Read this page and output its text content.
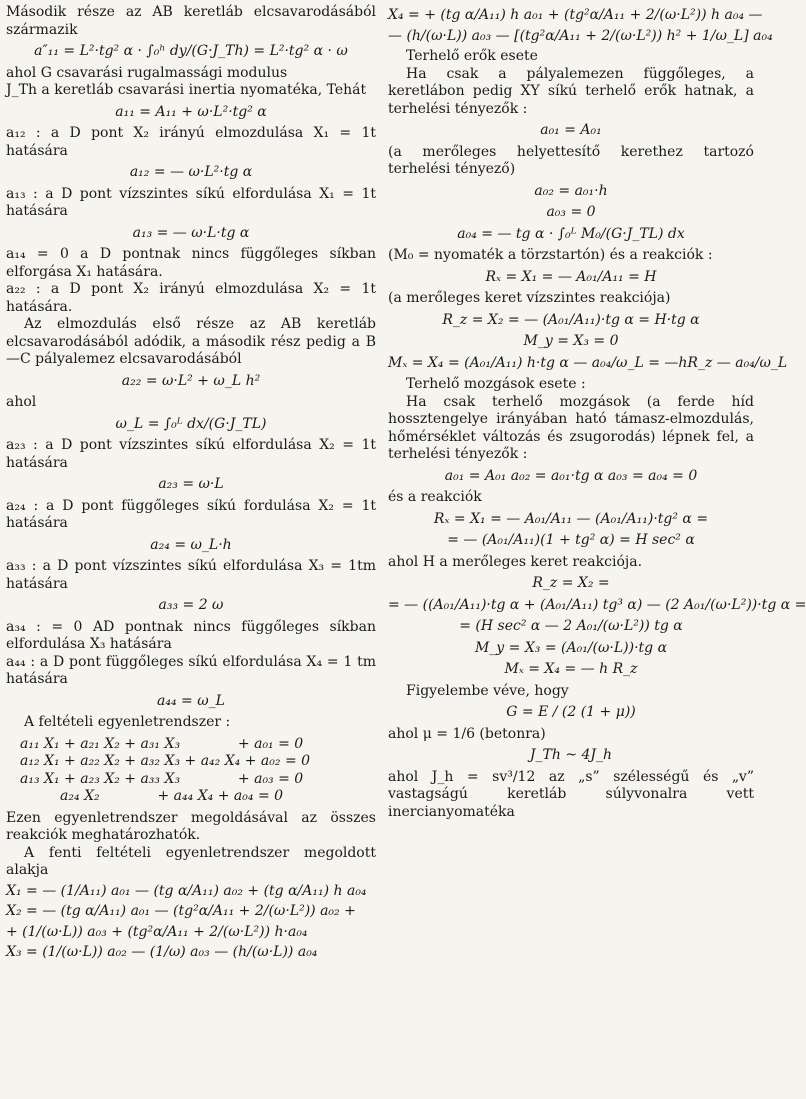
Második része az AB keretláb elcsavarodásából származik
a″₁₁ = L²·tg² α · ∫₀ʰ dy/(G·J_Th) = L²·tg² α · ω
ahol G csavarási rugalmassági modulus
J_Th a keretláb csavarási inertia nyomatéka, Tehát
a₁₁ = A₁₁ + ω·L²·tg² α
a₁₂ : a D pont X₂ irányú elmozdulása X₁ = 1t hatására
a₁₂ = — ω·L²·tg α
a₁₃ : a D pont vízszintes síkú elfordulása X₁ = 1t hatására
a₁₃ = — ω·L·tg α
a₁₄ = 0 a D pontnak nincs függőleges síkban elforgása X₁ hatására.
a₂₂ : a D pont X₂ irányú elmozdulása X₂ = 1t hatására.
Az elmozdulás első része az AB keretláb elcsavarodásából adódik, a második rész pedig a B—C pályalemez elcsavarodásából
a₂₂ = ω·L² + ω_L h²
ahol
ω_L = ∫₀ᴸ dx/(G·J_TL)
a₂₃ : a D pont vízszintes síkú elfordulása X₂ = 1t hatására
a₂₃ = ω·L
a₂₄ : a D pont függőleges síkú fordulása X₂ = 1t hatására
a₂₄ = ω_L·h
a₃₃ : a D pont vízszintes síkú elfordulása X₃ = 1tm hatására
a₃₃ = 2 ω
a₃₄ : = 0 AD pontnak nincs függőleges síkban elfordulása X₃ hatására
a₄₄ : a D pont függőleges síkú elfordulása X₄ = 1 tm hatására
a₄₄ = ω_L
A feltételi egyenletrendszer :
a₁₁ X₁ + a₂₁ X₂ + a₃₁ X₃             + a₀₁ = 0
a₁₂ X₁ + a₂₂ X₂ + a₃₂ X₃ + a₄₂ X₄ + a₀₂ = 0
a₁₃ X₁ + a₂₃ X₂ + a₃₃ X₃             + a₀₃ = 0
a₂₄ X₂             + a₄₄ X₄ + a₀₄ = 0
Ezen egyenletrendszer megoldásával az összes reakciók meghatározhatók.
A fenti feltételi egyenletrendszer megoldott alakja
X₁ = — (1/A₁₁) a₀₁ — (tg α/A₁₁) a₀₂ + (tg α/A₁₁) h a₀₄
X₂ = — (tg α/A₁₁) a₀₁ — (tg²α/A₁₁ + 2/(ω·L²)) a₀₂ +
+ (1/(ω·L)) a₀₃ + (tg²α/A₁₁ + 2/(ω·L²)) h·a₀₄
X₃ = (1/(ω·L)) a₀₂ — (1/ω) a₀₃ — (h/(ω·L)) a₀₄
X₄ = + (tg α/A₁₁) h a₀₁ + (tg²α/A₁₁ + 2/(ω·L²)) h a₀₄ —
— (h/(ω·L)) a₀₃ — [(tg²α/A₁₁ + 2/(ω·L²)) h² + 1/ω_L] a₀₄
Terhelő erők esete
Ha csak a pályalemezen függőleges, a keretlábon pedig XY síkú terhelő erők hatnak, a terhelési tényezők :
a₀₁ = A₀₁
(a merőleges helyettesítő kerethez tartozó terhelési tényező)
a₀₂ = a₀₁·h
a₀₃ = 0
a₀₄ = — tg α · ∫₀ᴸ M₀/(G·J_TL) dx
(M₀ = nyomaték a törzstartón) és a reakciók :
Rₓ = X₁ = — A₀₁/A₁₁ = H
(a merőleges keret vízszintes reakciója)
R_z = X₂ = — (A₀₁/A₁₁)·tg α = H·tg α
M_y = X₃ = 0
Mₓ = X₄ = (A₀₁/A₁₁) h·tg α — a₀₄/ω_L = —hR_z — a₀₄/ω_L
Terhelő mozgások esete :
Ha csak terhelő mozgások (a ferde híd hossztengelye irányában ható támasz-elmozdulás, hőmérséklet változás és zsugorodás) lépnek fel, a terhelési tényezők :
a₀₁ = A₀₁ a₀₂ = a₀₁·tg α a₀₃ = a₀₄ = 0
és a reakciók
Rₓ = X₁ = — A₀₁/A₁₁ — (A₀₁/A₁₁)·tg² α =
= — (A₀₁/A₁₁)(1 + tg² α) = H sec² α
ahol H a merőleges keret reakciója.
R_z = X₂ =
= — ((A₀₁/A₁₁)·tg α + (A₀₁/A₁₁) tg³ α) — (2 A₀₁/(ω·L²))·tg α =
= (H sec² α — 2 A₀₁/(ω·L²)) tg α
M_y = X₃ = (A₀₁/(ω·L))·tg α
Mₓ = X₄ = — h R_z
Figyelembe véve, hogy
G = E / (2 (1 + μ))
ahol μ = 1/6 (betonra)
J_Th ~ 4J_h
ahol J_h = sv³/12 az „s” szélességű és „v” vastagságú keretláb súlyvonalra vett inercianyomatéka
